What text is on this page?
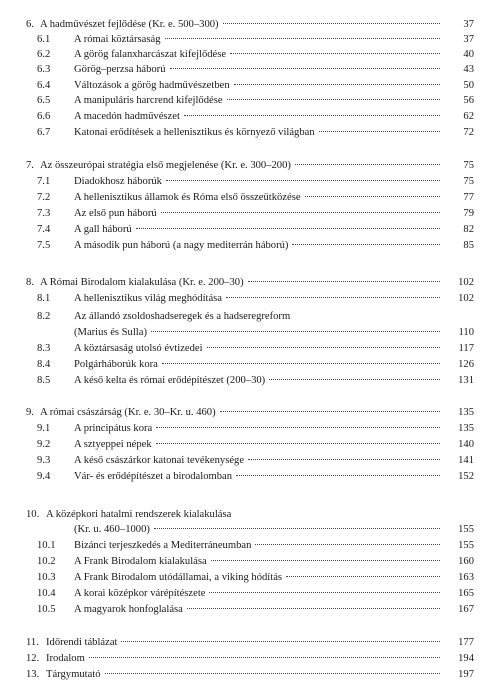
6. A hadművészet fejlődése (Kr. e. 500–300)	37
6.1 A római köztársaság	37
6.2 A görög falanxharcászat kifejlődése	40
6.3 Görög–perzsa háború	43
6.4 Változások a görög hadművészetben	50
6.5 A manipuláris harcrend kifejlődése	56
6.6 A macedón hadművészet	62
6.7 Katonai erődítések a hellenisztikus és környező világban	72
7. Az összeurópai stratégia első megjelenése (Kr. e. 300–200)	75
7.1 Diadokhosz háborúk	75
7.2 A hellenisztikus államok és Róma első összeütközése	77
7.3 Az első pun háború	79
7.4 A gall háború	82
7.5 A második pun háború (a nagy mediterrán háború)	85
8. A Római Birodalom kialakulása (Kr. e. 200–30)	102
8.1 A hellenisztikus világ meghódítása	102
8.2 Az állandó zsoldoshadseregek és a hadseregreform
(Marius és Sulla)	110
8.3 A köztársaság utolsó évtizedei	117
8.4 Polgárháborúk kora	126
8.5 A késő kelta és római erődépítészet (200–30)	131
9. A római császárság (Kr. e. 30–Kr. u. 460)	135
9.1 A principátus kora	135
9.2 A sztyeppei népek	140
9.3 A késő császárkor katonai tevékenysége	141
9.4 Vár- és erődépítészet a birodalomban	152
10. A középkori hatalmi rendszerek kialakulása
(Kr. u. 460–1000)	155
10.1 Bizánci terjeszkedés a Mediterráneumban	155
10.2 A Frank Birodalom kialakulása	160
10.3 A Frank Birodalom utódállamai, a viking hódítás	163
10.4 A korai középkor várépítészete	165
10.5 A magyarok honfoglalása	167
11. Időrendi táblázat	177
12. Irodalom	194
13. Tárgymutató	197
